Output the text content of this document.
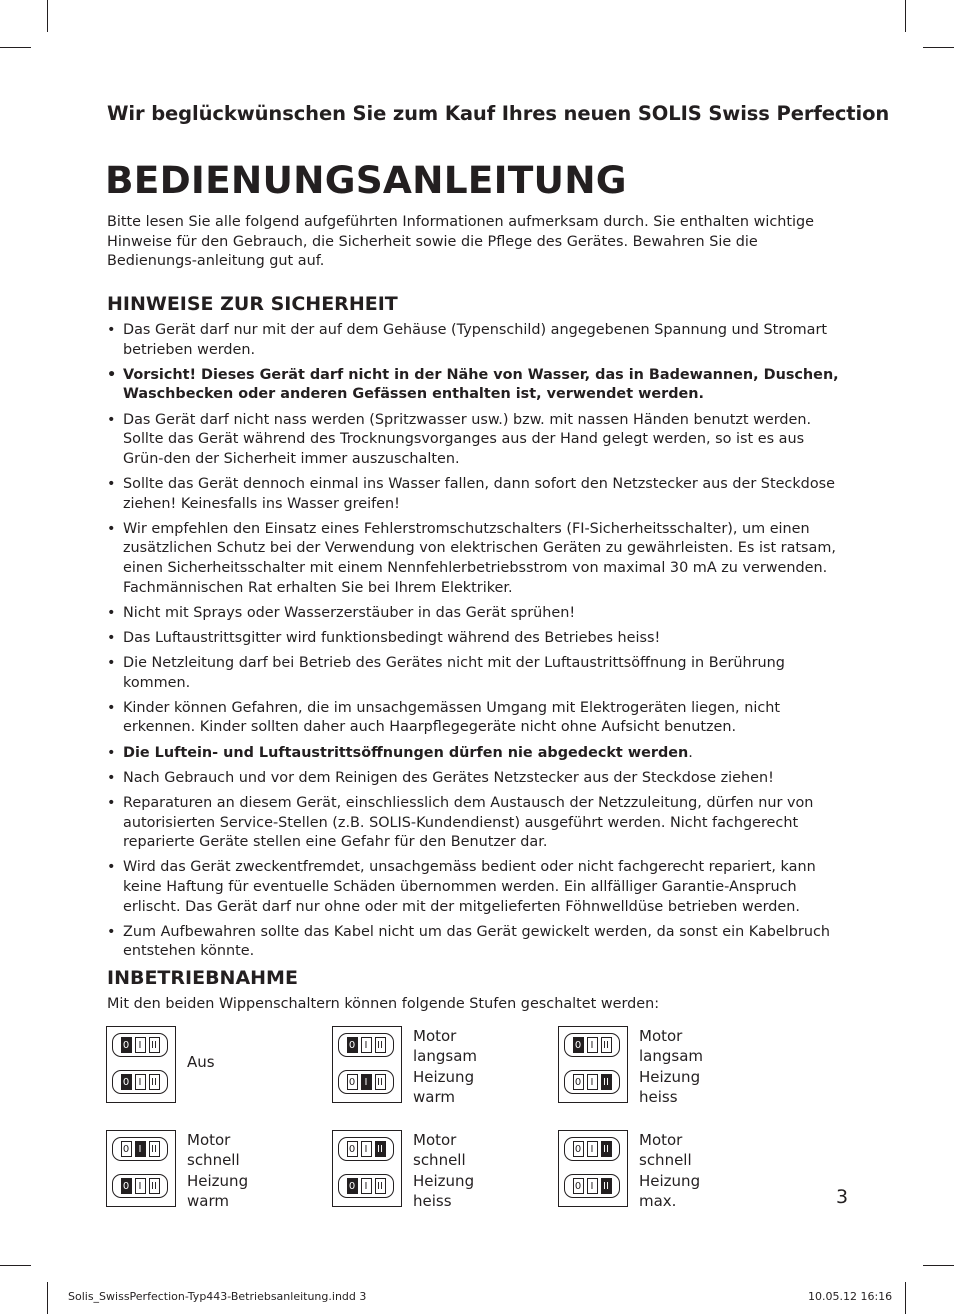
Wir beglückwünschen Sie zum Kauf Ihres neuen SOLIS Swiss Perfection
BEDIENUNGSANLEITUNG
Bitte lesen Sie alle folgend aufgeführten Informationen aufmerksam durch. Sie enthalten wichtige Hinweise für den Gebrauch, die Sicherheit sowie die Pflege des Gerätes. Bewahren Sie die Bedienungs-anleitung gut auf.
HINWEISE ZUR SICHERHEIT
• Das Gerät darf nur mit der auf dem Gehäuse (Typenschild) angegebenen Spannung und Stromart betrieben werden.
• Vorsicht! Dieses Gerät darf nicht in der Nähe von Wasser, das in Badewannen, Duschen, Waschbecken oder anderen Gefässen enthalten ist, verwendet werden.
• Das Gerät darf nicht nass werden (Spritzwasser usw.) bzw. mit nassen Händen benutzt werden. Sollte das Gerät während des Trocknungsvorganges aus der Hand gelegt werden, so ist es aus Grün-den der Sicherheit immer auszuschalten.
• Sollte das Gerät dennoch einmal ins Wasser fallen, dann sofort den Netzstecker aus der Steckdose ziehen! Keinesfalls ins Wasser greifen!
• Wir empfehlen den Einsatz eines Fehlerstromschutzschalters (FI-Sicherheitsschalter), um einen zusätzlichen Schutz bei der Verwendung von elektrischen Geräten zu gewährleisten. Es ist ratsam, einen Sicherheitsschalter mit einem Nennfehlerbetriebsstrom von maximal 30 mA zu verwenden. Fachmännischen Rat erhalten Sie bei Ihrem Elektriker.
• Nicht mit Sprays oder Wasserzerstäuber in das Gerät sprühen!
• Das Luftaustrittsgitter wird funktionsbedingt während des Betriebes heiss!
• Die Netzleitung darf bei Betrieb des Gerätes nicht mit der Luftaustrittsöffnung in Berührung kommen.
• Kinder können Gefahren, die im unsachgemässen Umgang mit Elektrogeräten liegen, nicht erkennen. Kinder sollten daher auch Haarpflegegeräte nicht ohne Aufsicht benutzen.
• Die Luftein- und Luftaustrittsöffnungen dürfen nie abgedeckt werden.
• Nach Gebrauch und vor dem Reinigen des Gerätes Netzstecker aus der Steckdose ziehen!
• Reparaturen an diesem Gerät, einschliesslich dem Austausch der Netzzuleitung, dürfen nur von autorisierten Service-Stellen (z.B. SOLIS-Kundendienst) ausgeführt werden. Nicht fachgerecht reparierte Geräte stellen eine Gefahr für den Benutzer dar.
• Wird das Gerät zweckentfremdet, unsachgemäss bedient oder nicht fachgerecht repariert, kann keine Haftung für eventuelle Schäden übernommen werden. Ein allfälliger Garantie-Anspruch erlischt. Das Gerät darf nur ohne oder mit der mitgelieferten Föhnwelldüse betrieben werden.
• Zum Aufbewahren sollte das Kabel nicht um das Gerät gewickelt werden, da sonst ein Kabelbruch entstehen könnte.
INBETRIEBNAHME
Mit den beiden Wippenschaltern können folgende Stufen geschaltet werden:
0 I II
0 I II
Aus
0 I II
0 I II
Motor
langsam
Heizung
warm
0 I II
0 I II
Motor
langsam
Heizung
heiss
0 I II
0 I II
Motor
schnell
Heizung
warm
0 I II
0 I II
Motor
schnell
Heizung
heiss
0 I II
0 I II
Motor
schnell
Heizung
max.	3
Solis_SwissPerfection-Typ443-Betriebsanleitung.indd 3	10.05.12 16:16
